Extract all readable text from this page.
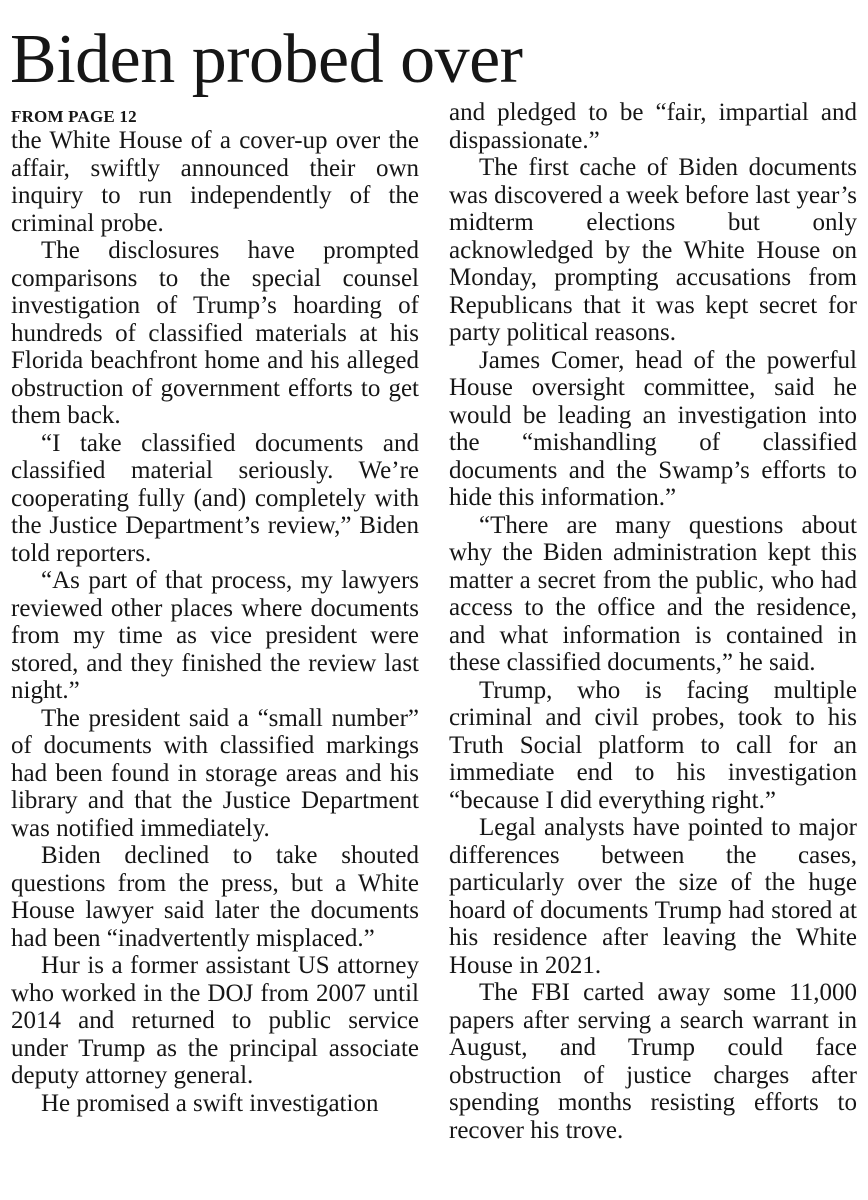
Biden probed over

FROM PAGE 12

the White House of a cover-up over the affair, swiftly announced their own inquiry to run independently of the criminal probe.

The disclosures have prompted comparisons to the special counsel investigation of Trump’s hoarding of hundreds of classified materials at his Florida beachfront home and his alleged obstruction of government efforts to get them back.

“I take classified documents and classified material seriously. We’re cooperating fully (and) completely with the Justice Department’s review,” Biden told reporters.

“As part of that process, my lawyers reviewed other places where documents from my time as vice president were stored, and they finished the review last night.”

The president said a “small number” of documents with classified markings had been found in storage areas and his library and that the Justice Department was notified immediately.

Biden declined to take shouted questions from the press, but a White House lawyer said later the documents had been “inadvertently misplaced.”

Hur is a former assistant US attorney who worked in the DOJ from 2007 until 2014 and returned to public service under Trump as the principal associate deputy attorney general.

He promised a swift investigation

and pledged to be “fair, impartial and dispassionate.”

The first cache of Biden documents was discovered a week before last year’s midterm elections but only acknowledged by the White House on Monday, prompting accusations from Republicans that it was kept secret for party political reasons.

James Comer, head of the powerful House oversight committee, said he would be leading an investigation into the “mishandling of classified documents and the Swamp’s efforts to hide this information.”

“There are many questions about why the Biden administration kept this matter a secret from the public, who had access to the office and the residence, and what information is contained in these classified documents,” he said.

Trump, who is facing multiple criminal and civil probes, took to his Truth Social platform to call for an immediate end to his investigation “because I did everything right.”

Legal analysts have pointed to major differences between the cases, particularly over the size of the huge hoard of documents Trump had stored at his residence after leaving the White House in 2021.

The FBI carted away some 11,000 papers after serving a search warrant in August, and Trump could face obstruction of justice charges after spending months resisting efforts to recover his trove.
